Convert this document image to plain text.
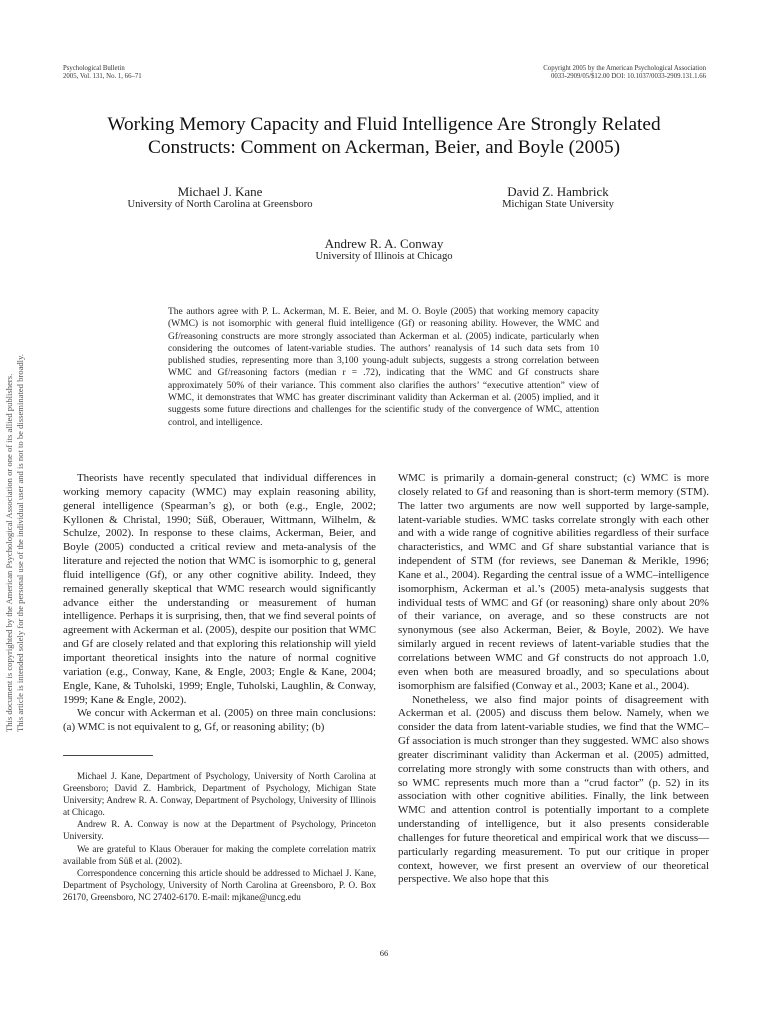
This document is copyrighted by the American Psychological Association or one of its allied publishers. This article is intended solely for the personal use of the individual user and is not to be disseminated broadly.
Psychological Bulletin
2005, Vol. 131, No. 1, 66–71
Copyright 2005 by the American Psychological Association
0033-2909/05/$12.00 DOI: 10.1037/0033-2909.131.1.66
Working Memory Capacity and Fluid Intelligence Are Strongly Related
Constructs: Comment on Ackerman, Beier, and Boyle (2005)
Michael J. Kane
University of North Carolina at Greensboro
David Z. Hambrick
Michigan State University
Andrew R. A. Conway
University of Illinois at Chicago
The authors agree with P. L. Ackerman, M. E. Beier, and M. O. Boyle (2005) that working memory capacity (WMC) is not isomorphic with general fluid intelligence (Gf) or reasoning ability. However, the WMC and Gf/reasoning constructs are more strongly associated than Ackerman et al. (2005) indicate, particularly when considering the outcomes of latent-variable studies. The authors’ reanalysis of 14 such data sets from 10 published studies, representing more than 3,100 young-adult subjects, suggests a strong correlation between WMC and Gf/reasoning factors (median r = .72), indicating that the WMC and Gf constructs share approximately 50% of their variance. This comment also clarifies the authors’ “executive attention” view of WMC, it demonstrates that WMC has greater discriminant validity than Ackerman et al. (2005) implied, and it suggests some future directions and challenges for the scientific study of the convergence of WMC, attention control, and intelligence.

Theorists have recently speculated that individual differences in working memory capacity (WMC) may explain reasoning ability, general intelligence (Spearman’s g), or both (e.g., Engle, 2002; Kyllonen & Christal, 1990; Süß, Oberauer, Wittmann, Wilhelm, & Schulze, 2002). In response to these claims, Ackerman, Beier, and Boyle (2005) conducted a critical review and meta-analysis of the literature and rejected the notion that WMC is isomorphic to g, general fluid intelligence (Gf), or any other cognitive ability. Indeed, they remained generally skeptical that WMC research would significantly advance either the understanding or measurement of human intelligence. Perhaps it is surprising, then, that we find several points of agreement with Ackerman et al. (2005), despite our position that WMC and Gf are closely related and that exploring this relationship will yield important theoretical insights into the nature of normal cognitive variation (e.g., Conway, Kane, & Engle, 2003; Engle & Kane, 2004; Engle, Kane, & Tuholski, 1999; Engle, Tuholski, Laughlin, & Conway, 1999; Kane & Engle, 2002).

We concur with Ackerman et al. (2005) on three main conclusions: (a) WMC is not equivalent to g, Gf, or reasoning ability; (b)

WMC is primarily a domain-general construct; (c) WMC is more closely related to Gf and reasoning than is short-term memory (STM). The latter two arguments are now well supported by large-sample, latent-variable studies. WMC tasks correlate strongly with each other and with a wide range of cognitive abilities regardless of their surface characteristics, and WMC and Gf share substantial variance that is independent of STM (for reviews, see Daneman & Merikle, 1996; Kane et al., 2004). Regarding the central issue of a WMC–intelligence isomorphism, Ackerman et al.’s (2005) meta-analysis suggests that individual tests of WMC and Gf (or reasoning) share only about 20% of their variance, on average, and so these constructs are not synonymous (see also Ackerman, Beier, & Boyle, 2002). We have similarly argued in recent reviews of latent-variable studies that the correlations between WMC and Gf constructs do not approach 1.0, even when both are measured broadly, and so speculations about isomorphism are falsified (Conway et al., 2003; Kane et al., 2004).

Nonetheless, we also find major points of disagreement with Ackerman et al. (2005) and discuss them below. Namely, when we consider the data from latent-variable studies, we find that the WMC–Gf association is much stronger than they suggested. WMC also shows greater discriminant validity than Ackerman et al. (2005) admitted, correlating more strongly with some constructs than with others, and so WMC represents much more than a “crud factor” (p. 52) in its association with other cognitive abilities. Finally, the link between WMC and attention control is potentially important to a complete understanding of intelligence, but it also presents considerable challenges for future theoretical and empirical work that we discuss—particularly regarding measurement. To put our critique in proper context, however, we first present an overview of our theoretical perspective. We also hope that this

Michael J. Kane, Department of Psychology, University of North Carolina at Greensboro; David Z. Hambrick, Department of Psychology, Michigan State University; Andrew R. A. Conway, Department of Psychology, University of Illinois at Chicago.

Andrew R. A. Conway is now at the Department of Psychology, Princeton University.

We are grateful to Klaus Oberauer for making the complete correlation matrix available from Süß et al. (2002).

Correspondence concerning this article should be addressed to Michael J. Kane, Department of Psychology, University of North Carolina at Greensboro, P. O. Box 26170, Greensboro, NC 27402-6170. E-mail: mjkane@uncg.edu

66
